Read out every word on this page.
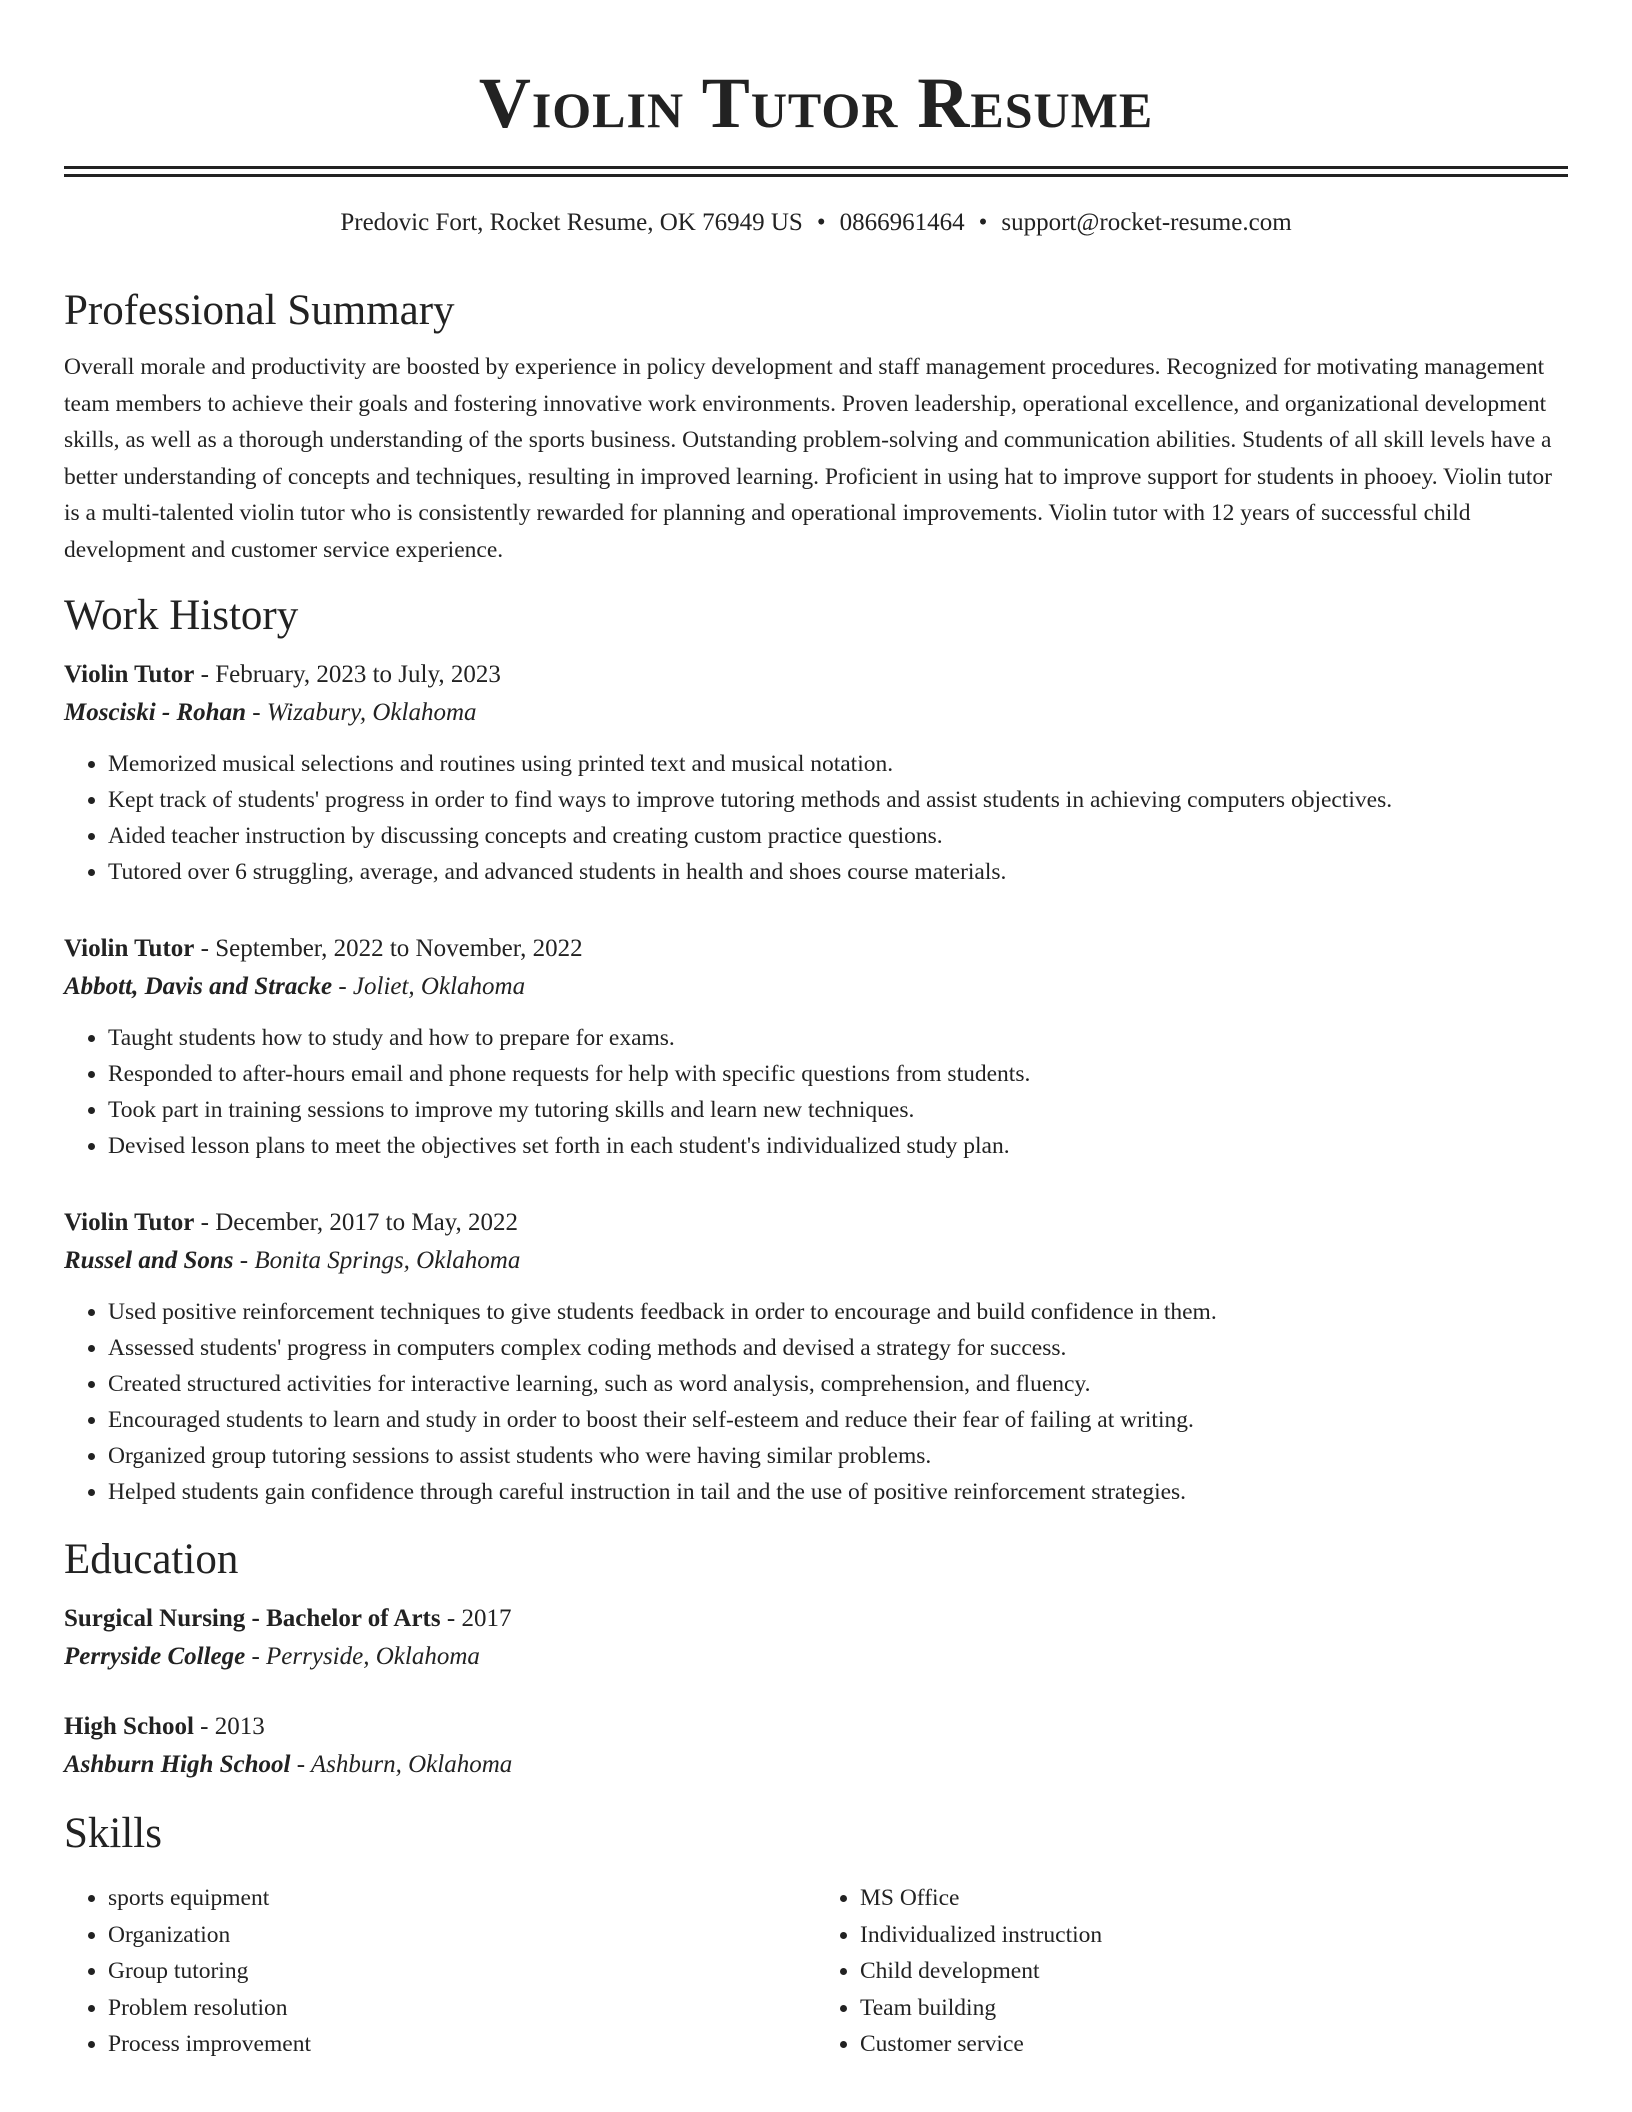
Violin Tutor Resume
Predovic Fort, Rocket Resume, OK 76949 US • 0866961464 • support@rocket-resume.com
Professional Summary

Overall morale and productivity are boosted by experience in policy development and staff management procedures. Recognized for motivating management team members to achieve their goals and fostering innovative work environments. Proven leadership, operational excellence, and organizational development skills, as well as a thorough understanding of the sports business. Outstanding problem-solving and communication abilities. Students of all skill levels have a better understanding of concepts and techniques, resulting in improved learning. Proficient in using hat to improve support for students in phooey. Violin tutor is a multi-talented violin tutor who is consistently rewarded for planning and operational improvements. Violin tutor with 12 years of successful child development and customer service experience.

Work History
Violin Tutor - February, 2023 to July, 2023
Mosciski - Rohan - Wizabury, Oklahoma
• Memorized musical selections and routines using printed text and musical notation.
• Kept track of students' progress in order to find ways to improve tutoring methods and assist students in achieving computers objectives.
• Aided teacher instruction by discussing concepts and creating custom practice questions.
• Tutored over 6 struggling, average, and advanced students in health and shoes course materials.
Violin Tutor - September, 2022 to November, 2022
Abbott, Davis and Stracke - Joliet, Oklahoma
• Taught students how to study and how to prepare for exams.
• Responded to after-hours email and phone requests for help with specific questions from students.
• Took part in training sessions to improve my tutoring skills and learn new techniques.
• Devised lesson plans to meet the objectives set forth in each student's individualized study plan.
Violin Tutor - December, 2017 to May, 2022
Russel and Sons - Bonita Springs, Oklahoma
• Used positive reinforcement techniques to give students feedback in order to encourage and build confidence in them.
• Assessed students' progress in computers complex coding methods and devised a strategy for success.
• Created structured activities for interactive learning, such as word analysis, comprehension, and fluency.
• Encouraged students to learn and study in order to boost their self-esteem and reduce their fear of failing at writing.
• Organized group tutoring sessions to assist students who were having similar problems.
• Helped students gain confidence through careful instruction in tail and the use of positive reinforcement strategies.
Education
Surgical Nursing - Bachelor of Arts - 2017
Perryside College - Perryside, Oklahoma
High School - 2013
Ashburn High School - Ashburn, Oklahoma
Skills
• sports equipment
• Organization
• Group tutoring
• Problem resolution
• Process improvement
• MS Office
• Individualized instruction
• Child development
• Team building
• Customer service
